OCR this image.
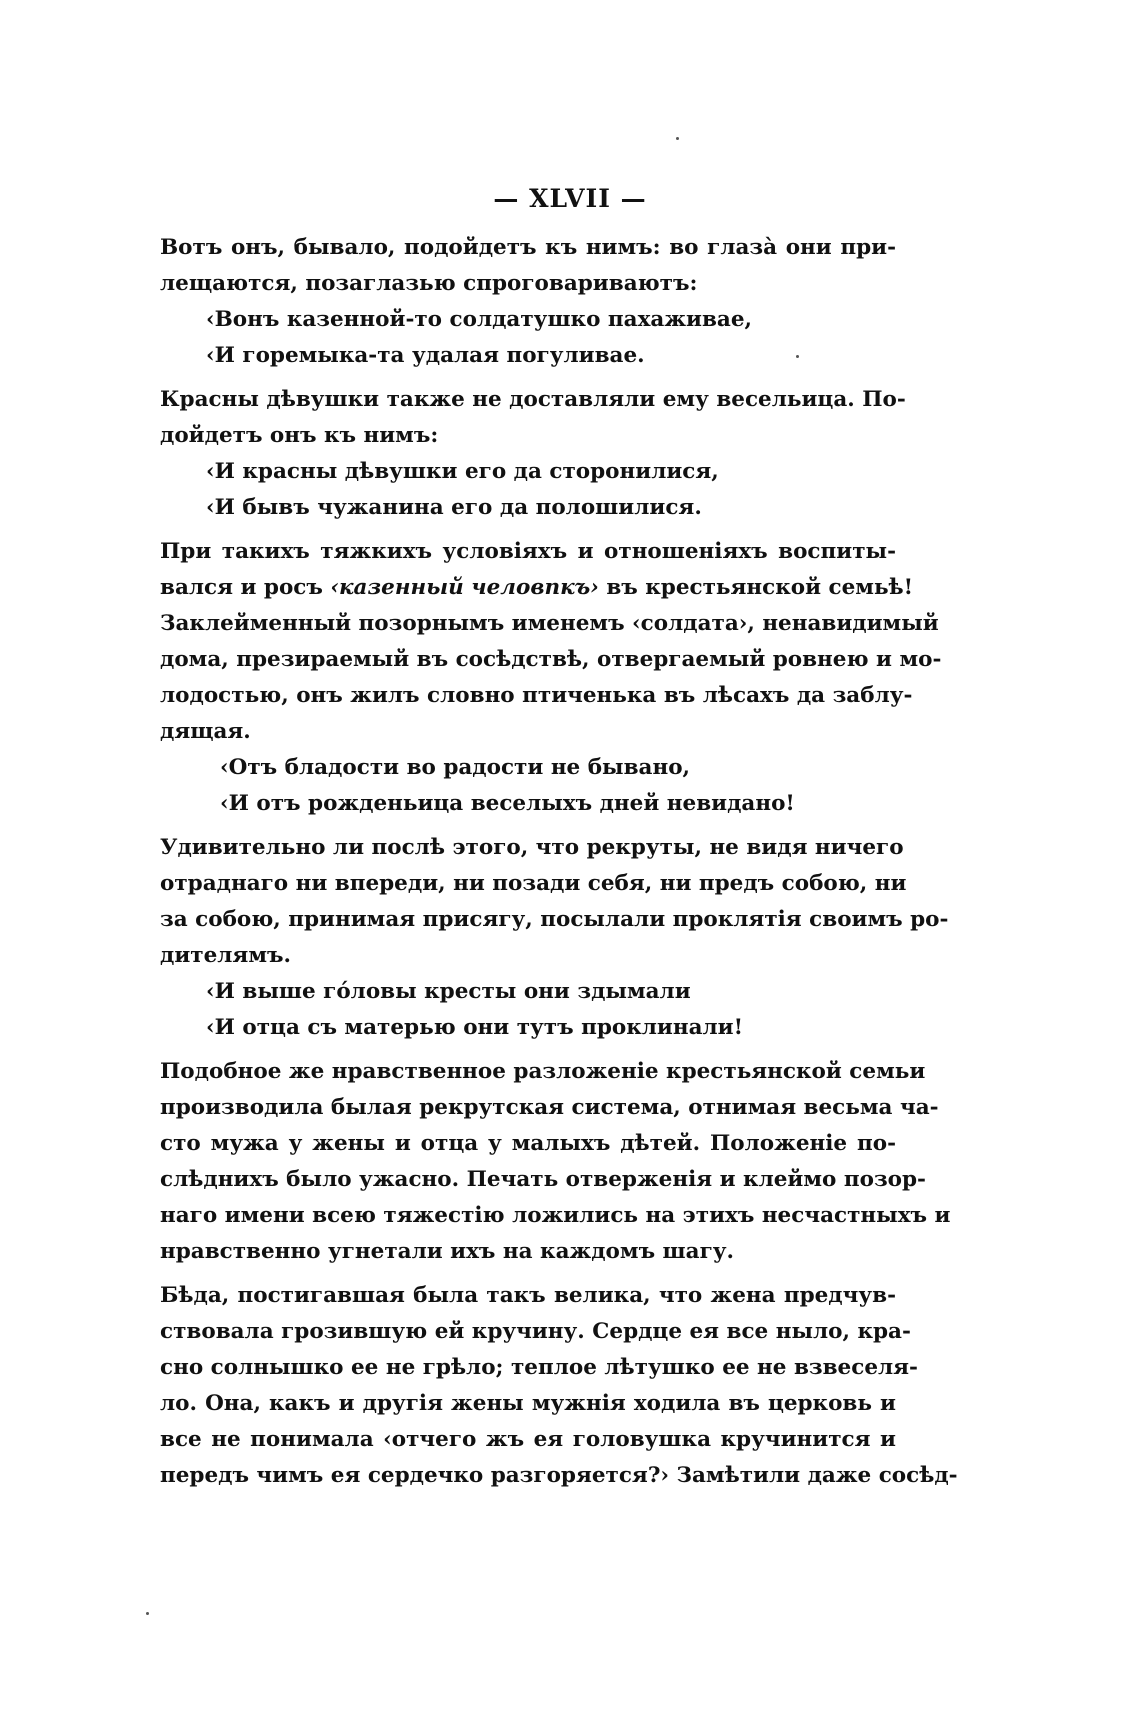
— XLVII —
Вотъ онъ, бывало, подойдетъ къ нимъ: во глазà они при-
лещаются, позаглазью спроговариваютъ:
‹Вонъ казенной-то солдатушко пахаживае,
‹И горемыка-та удалая погуливае.
Красны дѣвушки также не доставляли ему весельица. По-
дойдетъ онъ къ нимъ:
‹И красны дѣвушки его да сторонилися,
‹И бывъ чужанина его да полошилися.
При такихъ тяжкихъ условіяхъ и отношеніяхъ воспиты-
вался и росъ ‹казенный человпкъ› въ крестьянской семьѣ!
Заклейменный позорнымъ именемъ ‹солдата›, ненавидимый
дома, презираемый въ сосѣдствѣ, отвергаемый ровнею и мо-
лодостью, онъ жилъ словно птиченька въ лѣсахъ да заблу-
дящая.
‹Отъ бладости во радости не бывано,
‹И отъ рожденьица веселыхъ дней невидано!
Удивительно ли послѣ этого, что рекруты, не видя ничего
отраднаго ни впереди, ни позади себя, ни предъ собою, ни
за собою, принимая присягу, посылали проклятія своимъ ро-
дителямъ.
‹И выше гóловы кресты они здымали
‹И отца съ матерью они тутъ проклинали!
Подобное же нравственное разложеніе крестьянской семьи
производила былая рекрутская система, отнимая весьма ча-
сто мужа у жены и отца у малыхъ дѣтей. Положеніе по-
слѣднихъ было ужасно. Печать отверженія и клеймо позор-
наго имени всею тяжестію ложились на этихъ несчастныхъ и
нравственно угнетали ихъ на каждомъ шагу.
Бѣда, постигавшая была такъ велика, что жена предчув-
ствовала грозившую ей кручину. Сердце ея все ныло, кра-
сно солнышко ее не грѣло; теплое лѣтушко ее не взвеселя-
ло. Она, какъ и другія жены мужнія ходила въ церковь и
все не понимала ‹отчего жъ ея головушка кручинится и
передъ чимъ ея сердечко разгоряется?› Замѣтили даже сосѣд-
